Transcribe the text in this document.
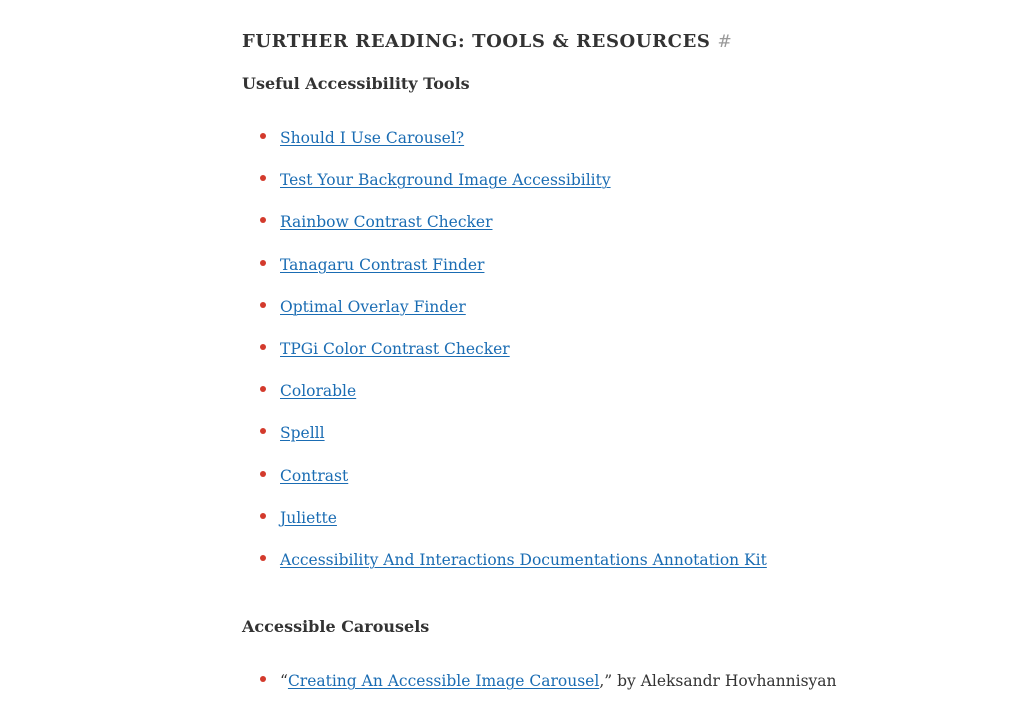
FURTHER READING: TOOLS & RESOURCES #
Useful Accessibility Tools
Should I Use Carousel?
Test Your Background Image Accessibility
Rainbow Contrast Checker
Tanagaru Contrast Finder
Optimal Overlay Finder
TPGi Color Contrast Checker
Colorable
Spelll
Contrast
Juliette
Accessibility And Interactions Documentations Annotation Kit
Accessible Carousels
“Creating An Accessible Image Carousel,” by Aleksandr Hovhannisyan
